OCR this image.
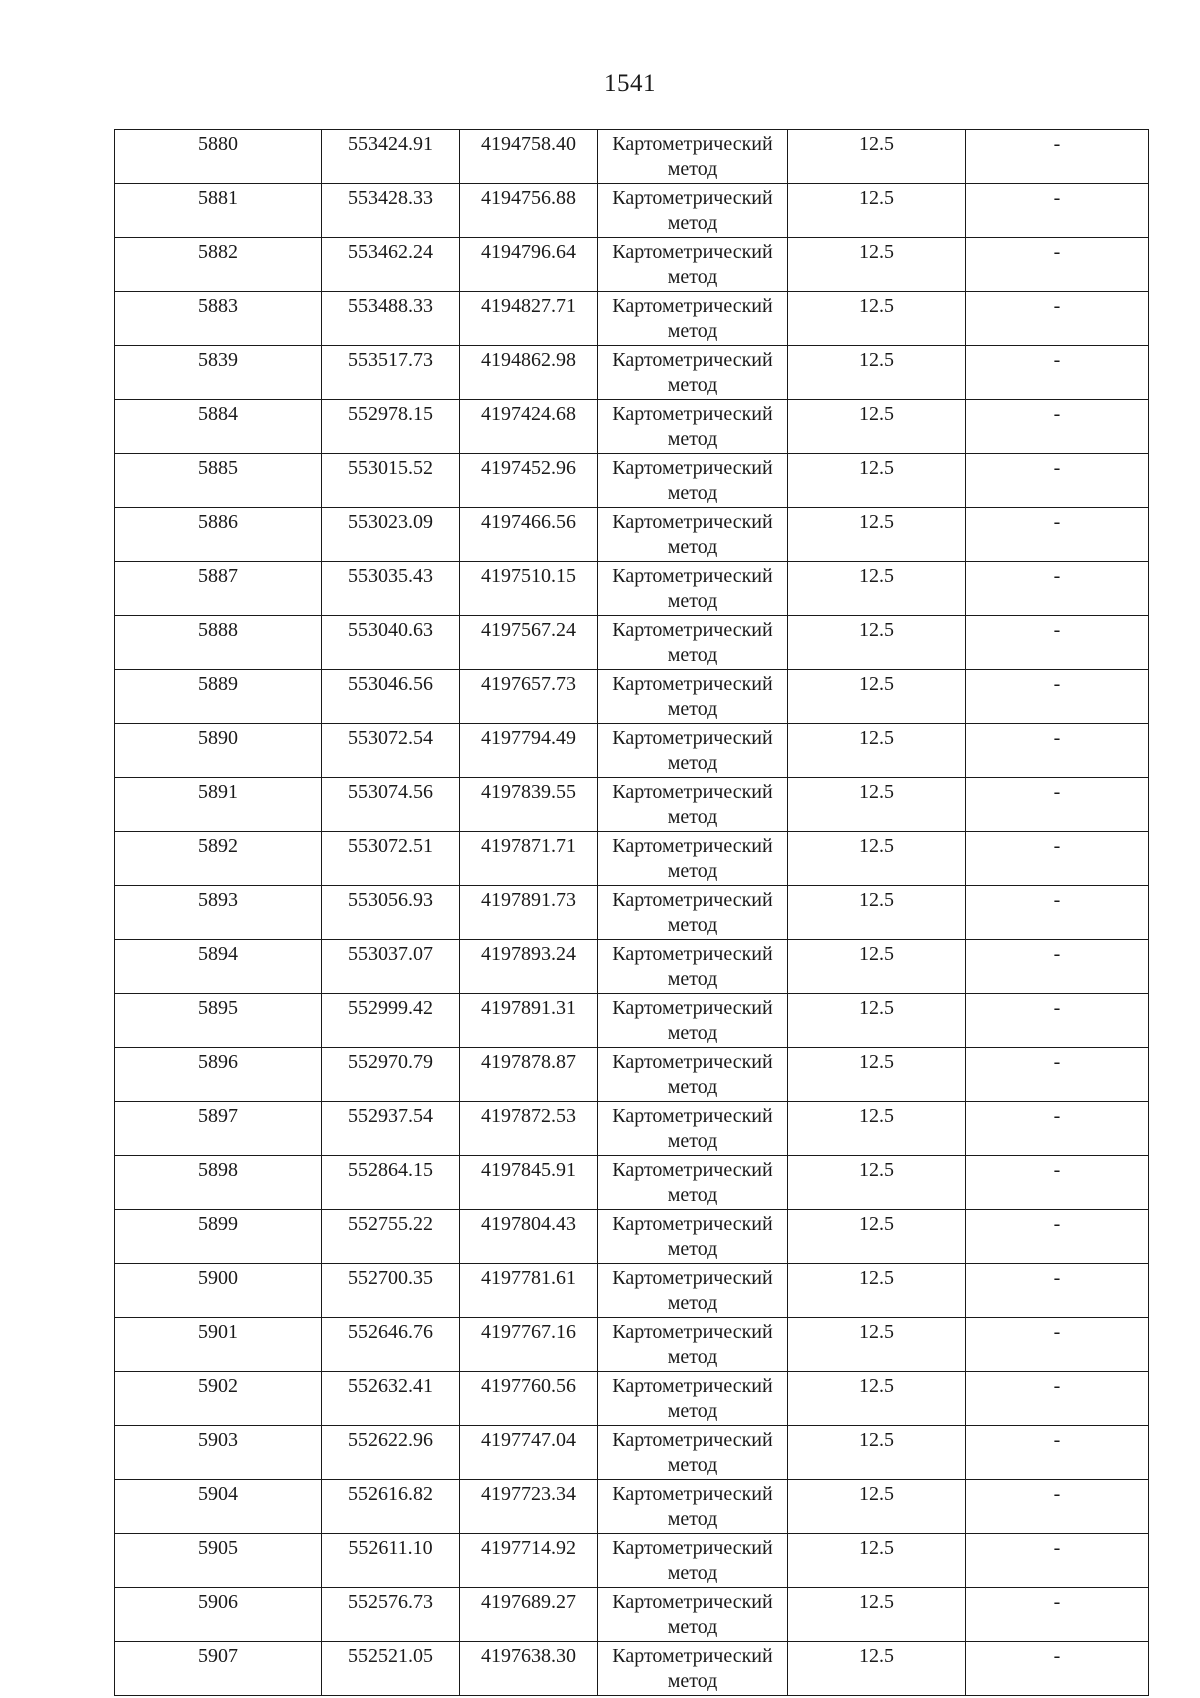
1541
5880	553424.91	4194758.40	Картометрический метод	12.5	-
5881	553428.33	4194756.88	Картометрический метод	12.5	-
5882	553462.24	4194796.64	Картометрический метод	12.5	-
5883	553488.33	4194827.71	Картометрический метод	12.5	-
5839	553517.73	4194862.98	Картометрический метод	12.5	-
5884	552978.15	4197424.68	Картометрический метод	12.5	-
5885	553015.52	4197452.96	Картометрический метод	12.5	-
5886	553023.09	4197466.56	Картометрический метод	12.5	-
5887	553035.43	4197510.15	Картометрический метод	12.5	-
5888	553040.63	4197567.24	Картометрический метод	12.5	-
5889	553046.56	4197657.73	Картометрический метод	12.5	-
5890	553072.54	4197794.49	Картометрический метод	12.5	-
5891	553074.56	4197839.55	Картометрический метод	12.5	-
5892	553072.51	4197871.71	Картометрический метод	12.5	-
5893	553056.93	4197891.73	Картометрический метод	12.5	-
5894	553037.07	4197893.24	Картометрический метод	12.5	-
5895	552999.42	4197891.31	Картометрический метод	12.5	-
5896	552970.79	4197878.87	Картометрический метод	12.5	-
5897	552937.54	4197872.53	Картометрический метод	12.5	-
5898	552864.15	4197845.91	Картометрический метод	12.5	-
5899	552755.22	4197804.43	Картометрический метод	12.5	-
5900	552700.35	4197781.61	Картометрический метод	12.5	-
5901	552646.76	4197767.16	Картометрический метод	12.5	-
5902	552632.41	4197760.56	Картометрический метод	12.5	-
5903	552622.96	4197747.04	Картометрический метод	12.5	-
5904	552616.82	4197723.34	Картометрический метод	12.5	-
5905	552611.10	4197714.92	Картометрический метод	12.5	-
5906	552576.73	4197689.27	Картометрический метод	12.5	-
5907	552521.05	4197638.30	Картометрический метод	12.5	-
